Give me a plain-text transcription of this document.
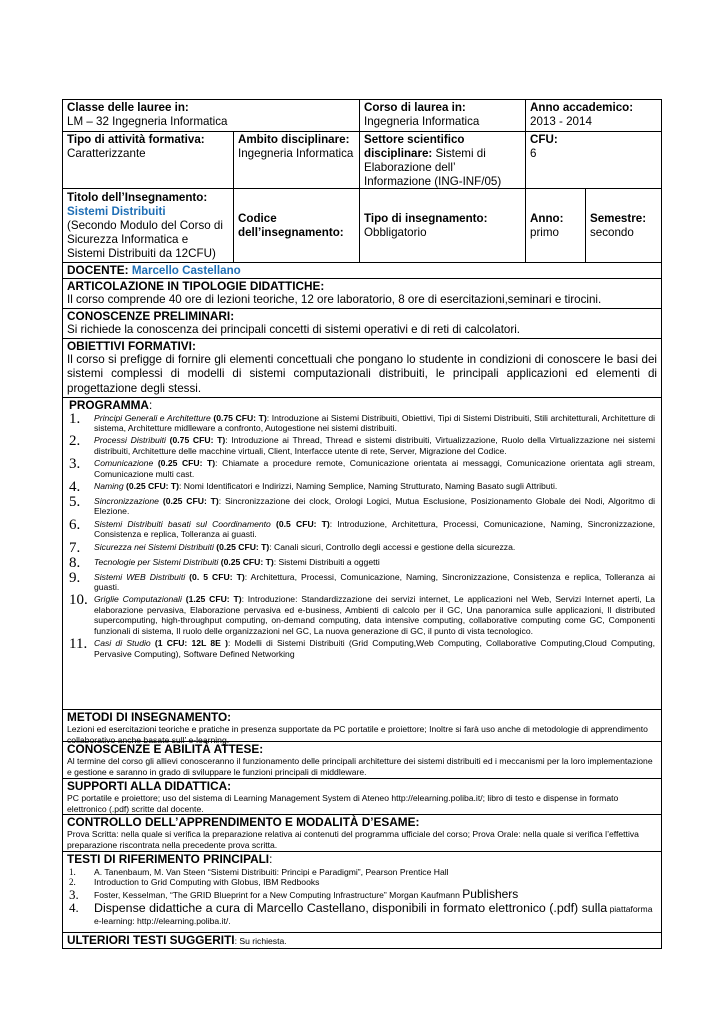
Classe delle lauree in:
LM – 32 Ingegneria Informatica
Corso di laurea in:
Ingegneria Informatica
Anno accademico:
2013 - 2014
Tipo di attività formativa:
Caratterizzante
Ambito disciplinare:
Ingegneria Informatica
Settore scientifico disciplinare: Sistemi di Elaborazione dell’ Informazione (ING-INF/05)
CFU:
6
Titolo dell’Insegnamento:
Sistemi Distribuiti
(Secondo Modulo del Corso di Sicurezza Informatica e Sistemi Distribuiti da 12CFU)
Codice dell’insegnamento:
Tipo di insegnamento:
Obbligatorio
Anno:
primo
Semestre:
secondo
DOCENTE: Marcello Castellano
ARTICOLAZIONE IN TIPOLOGIE DIDATTICHE:
Il corso comprende 40 ore di lezioni teoriche, 12 ore laboratorio, 8 ore di esercitazioni,seminari e tirocini.
CONOSCENZE PRELIMINARI:
Si richiede la conoscenza dei principali concetti di sistemi operativi e di reti di calcolatori.
OBIETTIVI FORMATIVI:
Il corso si prefigge di fornire gli elementi concettuali che pongano lo studente in condizioni di conoscere le basi dei sistemi complessi di modelli di sistemi computazionali distribuiti, le principali applicazioni ed elementi di progettazione degli stessi.
PROGRAMMA:
1.	Principi Generali e Architetture (0.75 CFU: T): Introduzione ai Sistemi Distribuiti, Obiettivi, Tipi di Sistemi Distribuiti, Stili architetturali, Architetture di sistema, Architetture midlleware a confronto, Autogestione nei sistemi distribuiti.
2.	Processi Distribuiti (0.75 CFU: T): Introduzione ai Thread, Thread e sistemi distribuiti, Virtualizzazione, Ruolo della Virtualizzazione nei sistemi distribuiti, Architetture delle macchine virtuali, Client, Interfacce utente di rete, Server, Migrazione del Codice.
3.	Comunicazione (0.25 CFU: T): Chiamate a procedure remote, Comunicazione orientata ai messaggi, Comunicazione orientata agli stream, Comunicazione multi cast.
4.	Naming (0.25 CFU: T): Nomi Identificatori e Indirizzi, Naming Semplice, Naming Strutturato, Naming Basato sugli Attributi.
5.	Sincronizzazione (0.25 CFU: T): Sincronizzazione dei clock, Orologi Logici, Mutua Esclusione, Posizionamento Globale dei Nodi, Algoritmo di Elezione.
6.	Sistemi Distribuiti basati sul Coordinamento (0.5 CFU: T): Introduzione, Architettura, Processi, Comunicazione, Naming, Sincronizzazione, Consistenza e replica, Tolleranza ai guasti.
7.	Sicurezza nei Sistemi Distribuiti (0.25 CFU: T): Canali sicuri, Controllo degli accessi e gestione della sicurezza.
8.	Tecnologie per Sistemi Distribuiti (0.25 CFU: T): Sistemi Distribuiti a oggetti
9.	Sistemi WEB Distribuiti (0. 5 CFU: T): Architettura, Processi, Comunicazione, Naming, Sincronizzazione, Consistenza e replica, Tolleranza ai guasti.
10. Griglie Computazionali (1.25 CFU: T): Introduzione: Standardizzazione dei servizi internet, Le applicazioni nel Web, Servizi Internet aperti, La elaborazione pervasiva, Elaborazione pervasiva ed e-business, Ambienti di calcolo per il GC, Una panoramica sulle applicazioni, Il distributed supercomputing, high-throughput computing, on-demand computing, data intensive computing, collaborative computing come GC, Componenti funzionali di sistema, Il ruolo delle organizzazioni nel GC, La nuova generazione di GC, il punto di vista tecnologico.
11. Casi di Studio (1 CFU: 12L 8E ): Modelli di Sistemi Distribuiti (Grid Computing,Web Computing, Collaborative Computing,Cloud Computing, Pervasive Computing), Software Defined Networking
METODI DI INSEGNAMENTO:
Lezioni ed esercitazioni teoriche e pratiche in presenza supportate da PC portatile e proiettore; Inoltre si farà uso anche di metodologie di apprendimento collaborativo anche basate sull’ e-learning.
CONOSCENZE E ABILITÀ ATTESE:
Al termine del corso gli allievi conosceranno il funzionamento delle principali architetture dei sistemi distribuiti ed i meccanismi per la loro implementazione e gestione e saranno in grado di sviluppare le funzioni principali di middleware.
SUPPORTI ALLA DIDATTICA:
PC portatile e proiettore; uso del sistema di Learning Management System di Ateneo http://elearning.poliba.it/; libro di testo e dispense in formato elettronico (.pdf) scritte dal docente.
CONTROLLO DELL’APPRENDIMENTO E MODALITÀ D’ESAME:
Prova Scritta: nella quale si verifica la preparazione relativa ai contenuti del programma ufficiale del corso; Prova Orale: nella quale si verifica l’effettiva preparazione riscontrata nella precedente prova scritta.
TESTI DI RIFERIMENTO PRINCIPALI:
1.	A. Tanenbaum, M. Van Steen “Sistemi Distribuiti: Principi e Paradigmi”, Pearson Prentice Hall
2.	Introduction to Grid Computing with Globus, IBM Redbooks
3.	Foster, Kesselman, “The GRID Blueprint for a New Computing Infrastructure” Morgan Kaufmann Publishers
4.	Dispense didattiche a cura di Marcello Castellano, disponibili in formato elettronico (.pdf) sulla piattaforma e-learning: http://elearning.poliba.it/.
ULTERIORI TESTI SUGGERITI: Su richiesta.
